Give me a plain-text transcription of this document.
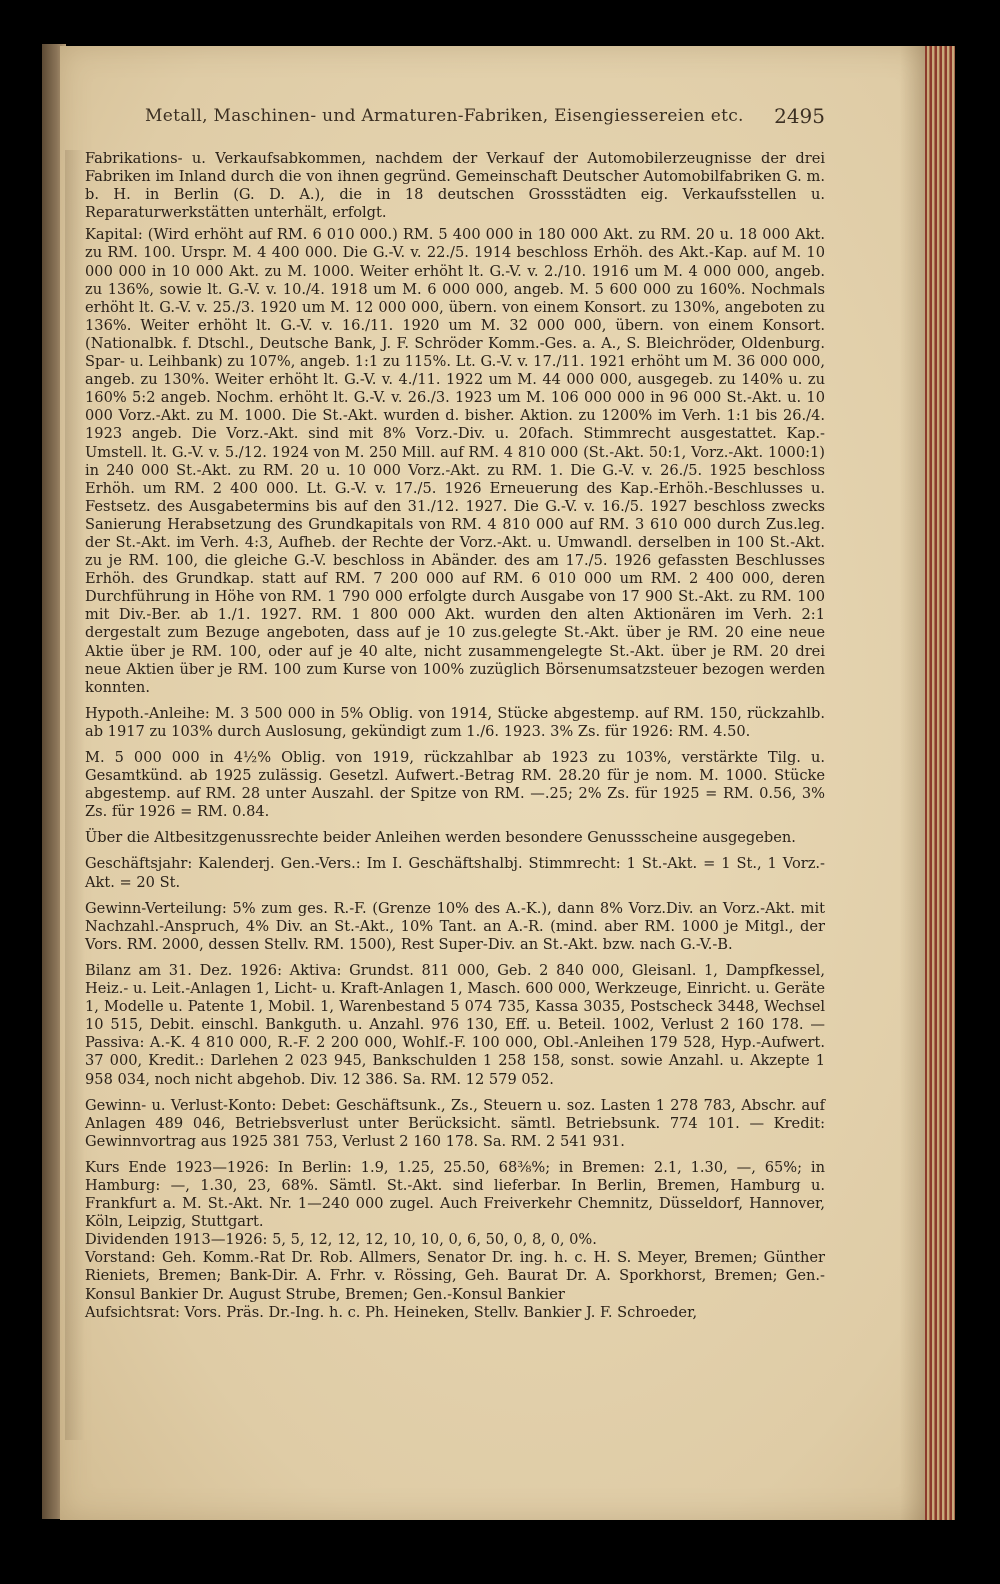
Metall, Maschinen- und Armaturen-Fabriken, Eisengiessereien etc. 2495

Fabrikations- u. Verkaufsabkommen, nachdem der Verkauf der Automobilerzeugnisse der drei Fabriken im Inland durch die von ihnen gegründ. Gemeinschaft Deutscher Automobilfabriken G. m. b. H. in Berlin (G. D. A.), die in 18 deutschen Grossstädten eig. Verkaufsstellen u. Reparaturwerkstätten unterhält, erfolgt.

Kapital: (Wird erhöht auf RM. 6 010 000.) RM. 5 400 000 in 180 000 Akt. zu RM. 20 u. 18 000 Akt. zu RM. 100. Urspr. M. 4 400 000. Die G.-V. v. 22./5. 1914 beschloss Erhöh. des Akt.-Kap. auf M. 10 000 000 in 10 000 Akt. zu M. 1000. Weiter erhöht lt. G.-V. v. 2./10. 1916 um M. 4 000 000, angeb. zu 136%, sowie lt. G.-V. v. 10./4. 1918 um M. 6 000 000, angeb. M. 5 600 000 zu 160%. Nochmals erhöht lt. G.-V. v. 25./3. 1920 um M. 12 000 000, übern. von einem Konsort. zu 130%, angeboten zu 136%. Weiter erhöht lt. G.-V. v. 16./11. 1920 um M. 32 000 000, übern. von einem Konsort. (Nationalbk. f. Dtschl., Deutsche Bank, J. F. Schröder Komm.-Ges. a. A., S. Bleichröder, Oldenburg. Spar- u. Leihbank) zu 107%, angeb. 1:1 zu 115%. Lt. G.-V. v. 17./11. 1921 erhöht um M. 36 000 000, angeb. zu 130%. Weiter erhöht lt. G.-V. v. 4./11. 1922 um M. 44 000 000, ausgegeb. zu 140% u. zu 160% 5:2 angeb. Nochm. erhöht lt. G.-V. v. 26./3. 1923 um M. 106 000 000 in 96 000 St.-Akt. u. 10 000 Vorz.-Akt. zu M. 1000. Die St.-Akt. wurden d. bisher. Aktion. zu 1200% im Verh. 1:1 bis 26./4. 1923 angeb. Die Vorz.-Akt. sind mit 8% Vorz.-Div. u. 20fach. Stimmrecht ausgestattet. Kap.-Umstell. lt. G.-V. v. 5./12. 1924 von M. 250 Mill. auf RM. 4 810 000 (St.-Akt. 50:1, Vorz.-Akt. 1000:1) in 240 000 St.-Akt. zu RM. 20 u. 10 000 Vorz.-Akt. zu RM. 1. Die G.-V. v. 26./5. 1925 beschloss Erhöh. um RM. 2 400 000. Lt. G.-V. v. 17./5. 1926 Erneuerung des Kap.-Erhöh.-Beschlusses u. Festsetz. des Ausgabetermins bis auf den 31./12. 1927. Die G.-V. v. 16./5. 1927 beschloss zwecks Sanierung Herabsetzung des Grundkapitals von RM. 4 810 000 auf RM. 3 610 000 durch Zus.leg. der St.-Akt. im Verh. 4:3, Aufheb. der Rechte der Vorz.-Akt. u. Umwandl. derselben in 100 St.-Akt. zu je RM. 100, die gleiche G.-V. beschloss in Abänder. des am 17./5. 1926 gefassten Beschlusses Erhöh. des Grundkap. statt auf RM. 7 200 000 auf RM. 6 010 000 um RM. 2 400 000, deren Durchführung in Höhe von RM. 1 790 000 erfolgte durch Ausgabe von 17 900 St.-Akt. zu RM. 100 mit Div.-Ber. ab 1./1. 1927. RM. 1 800 000 Akt. wurden den alten Aktionären im Verh. 2:1 dergestalt zum Bezuge angeboten, dass auf je 10 zus.gelegte St.-Akt. über je RM. 20 eine neue Aktie über je RM. 100, oder auf je 40 alte, nicht zusammengelegte St.-Akt. über je RM. 20 drei neue Aktien über je RM. 100 zum Kurse von 100% zuzüglich Börsenumsatzsteuer bezogen werden konnten.

Hypoth.-Anleihe: M. 3 500 000 in 5% Oblig. von 1914, Stücke abgestemp. auf RM. 150, rückzahlb. ab 1917 zu 103% durch Auslosung, gekündigt zum 1./6. 1923. 3% Zs. für 1926: RM. 4.50.

M. 5 000 000 in 4½% Oblig. von 1919, rückzahlbar ab 1923 zu 103%, verstärkte Tilg. u. Gesamtkünd. ab 1925 zulässig. Gesetzl. Aufwert.-Betrag RM. 28.20 für je nom. M. 1000. Stücke abgestemp. auf RM. 28 unter Auszahl. der Spitze von RM. —.25; 2% Zs. für 1925 = RM. 0.56, 3% Zs. für 1926 = RM. 0.84.

Über die Altbesitzgenussrechte beider Anleihen werden besondere Genussscheine ausgegeben.

Geschäftsjahr: Kalenderj. Gen.-Vers.: Im I. Geschäftshalbj. Stimmrecht: 1 St.-Akt. = 1 St., 1 Vorz.-Akt. = 20 St.

Gewinn-Verteilung: 5% zum ges. R.-F. (Grenze 10% des A.-K.), dann 8% Vorz.Div. an Vorz.-Akt. mit Nachzahl.-Anspruch, 4% Div. an St.-Akt., 10% Tant. an A.-R. (mind. aber RM. 1000 je Mitgl., der Vors. RM. 2000, dessen Stellv. RM. 1500), Rest Super-Div. an St.-Akt. bzw. nach G.-V.-B.

Bilanz am 31. Dez. 1926: Aktiva: Grundst. 811 000, Geb. 2 840 000, Gleisanl. 1, Dampfkessel, Heiz.- u. Leit.-Anlagen 1, Licht- u. Kraft-Anlagen 1, Masch. 600 000, Werkzeuge, Einricht. u. Geräte 1, Modelle u. Patente 1, Mobil. 1, Warenbestand 5 074 735, Kassa 3035, Postscheck 3448, Wechsel 10 515, Debit. einschl. Bankguth. u. Anzahl. 976 130, Eff. u. Beteil. 1002, Verlust 2 160 178. — Passiva: A.-K. 4 810 000, R.-F. 2 200 000, Wohlf.-F. 100 000, Obl.-Anleihen 179 528, Hyp.-Aufwert. 37 000, Kredit.: Darlehen 2 023 945, Bankschulden 1 258 158, sonst. sowie Anzahl. u. Akzepte 1 958 034, noch nicht abgehob. Div. 12 386. Sa. RM. 12 579 052.

Gewinn- u. Verlust-Konto: Debet: Geschäftsunk., Zs., Steuern u. soz. Lasten 1 278 783, Abschr. auf Anlagen 489 046, Betriebsverlust unter Berücksicht. sämtl. Betriebsunk. 774 101. — Kredit: Gewinnvortrag aus 1925 381 753, Verlust 2 160 178. Sa. RM. 2 541 931.

Kurs Ende 1923—1926: In Berlin: 1.9, 1.25, 25.50, 68⅜%; in Bremen: 2.1, 1.30, —, 65%; in Hamburg: —, 1.30, 23, 68%. Sämtl. St.-Akt. sind lieferbar. In Berlin, Bremen, Hamburg u. Frankfurt a. M. St.-Akt. Nr. 1—240 000 zugel. Auch Freiverkehr Chemnitz, Düsseldorf, Hannover, Köln, Leipzig, Stuttgart.

Dividenden 1913—1926: 5, 5, 12, 12, 12, 10, 10, 0, 6, 50, 0, 8, 0, 0%.

Vorstand: Geh. Komm.-Rat Dr. Rob. Allmers, Senator Dr. ing. h. c. H. S. Meyer, Bremen; Günther Rieniets, Bremen; Bank-Dir. A. Frhr. v. Rössing, Geh. Baurat Dr. A. Sporkhorst, Bremen; Gen.-Konsul Bankier Dr. August Strube, Bremen; Gen.-Konsul Bankier

Aufsichtsrat: Vors. Präs. Dr.-Ing. h. c. Ph. Heineken, Stellv. Bankier J. F. Schroeder,
